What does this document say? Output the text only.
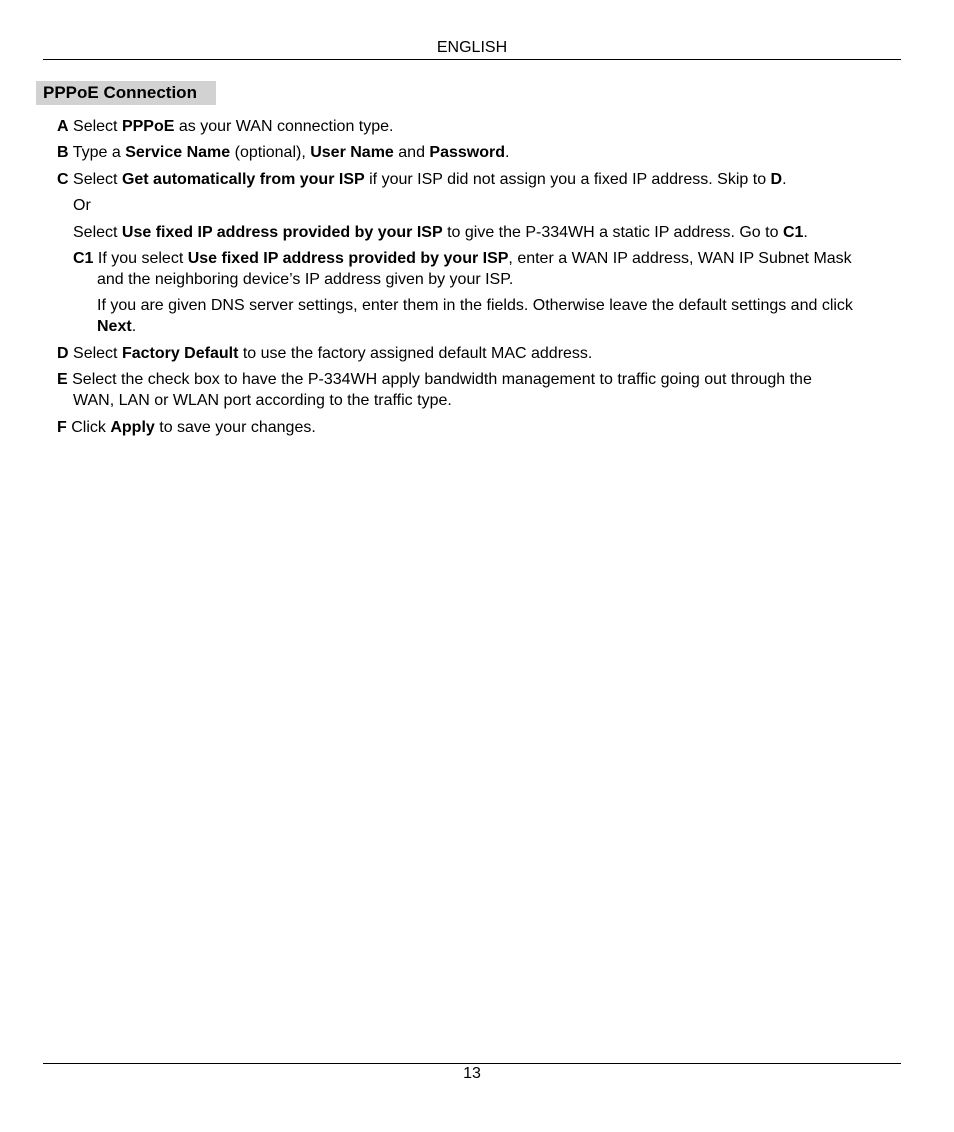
ENGLISH
PPPoE Connection

A Select PPPoE as your WAN connection type.

B Type a Service Name (optional), User Name and Password.

C Select Get automatically from your ISP if your ISP did not assign you a fixed IP address. Skip to D.

Or

Select Use fixed IP address provided by your ISP to give the P-334WH a static IP address. Go to C1.

C1 If you select Use fixed IP address provided by your ISP, enter a WAN IP address, WAN IP Subnet Mask

and the neighboring device’s IP address given by your ISP.

If you are given DNS server settings, enter them in the fields. Otherwise leave the default settings and click

Next.

D Select Factory Default to use the factory assigned default MAC address.

E Select the check box to have the P-334WH apply bandwidth management to traffic going out through the

WAN, LAN or WLAN port according to the traffic type.

F Click Apply to save your changes.

13
